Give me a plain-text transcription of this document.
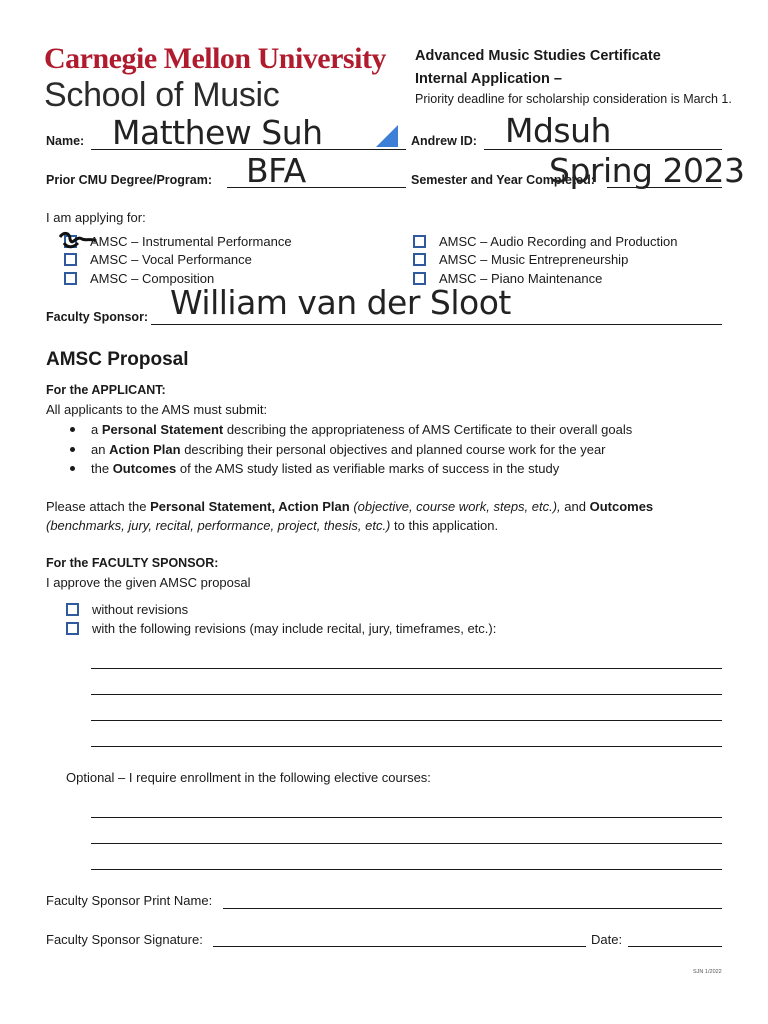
Carnegie Mellon University
School of Music
Advanced Music Studies Certificate
Internal Application –
Priority deadline for scholarship consideration is March 1.
Name: Matthew Suh	Andrew ID: Mdsuh
Prior CMU Degree/Program: BFA	Semester and Year Completed:
Spring 2023
I am applying for:
AMSC – Instrumental Performance
AMSC – Vocal Performance
AMSC – Composition
AMSC – Audio Recording and Production
AMSC – Music Entrepreneurship
AMSC – Piano Maintenance
Faculty Sponsor: William van der Sloot
AMSC Proposal
For the APPLICANT:
All applicants to the AMS must submit:
a Personal Statement describing the appropriateness of AMS Certificate to their overall goals
an Action Plan describing their personal objectives and planned course work for the year
the Outcomes of the AMS study listed as verifiable marks of success in the study
Please attach the Personal Statement, Action Plan (objective, course work, steps, etc.), and Outcomes
(benchmarks, jury, recital, performance, project, thesis, etc.) to this application.
For the FACULTY SPONSOR:
I approve the given AMSC proposal
without revisions
with the following revisions (may include recital, jury, timeframes, etc.):
Optional – I require enrollment in the following elective courses:
Faculty Sponsor Print Name:
Faculty Sponsor Signature:	Date:
SJN 1/2022
